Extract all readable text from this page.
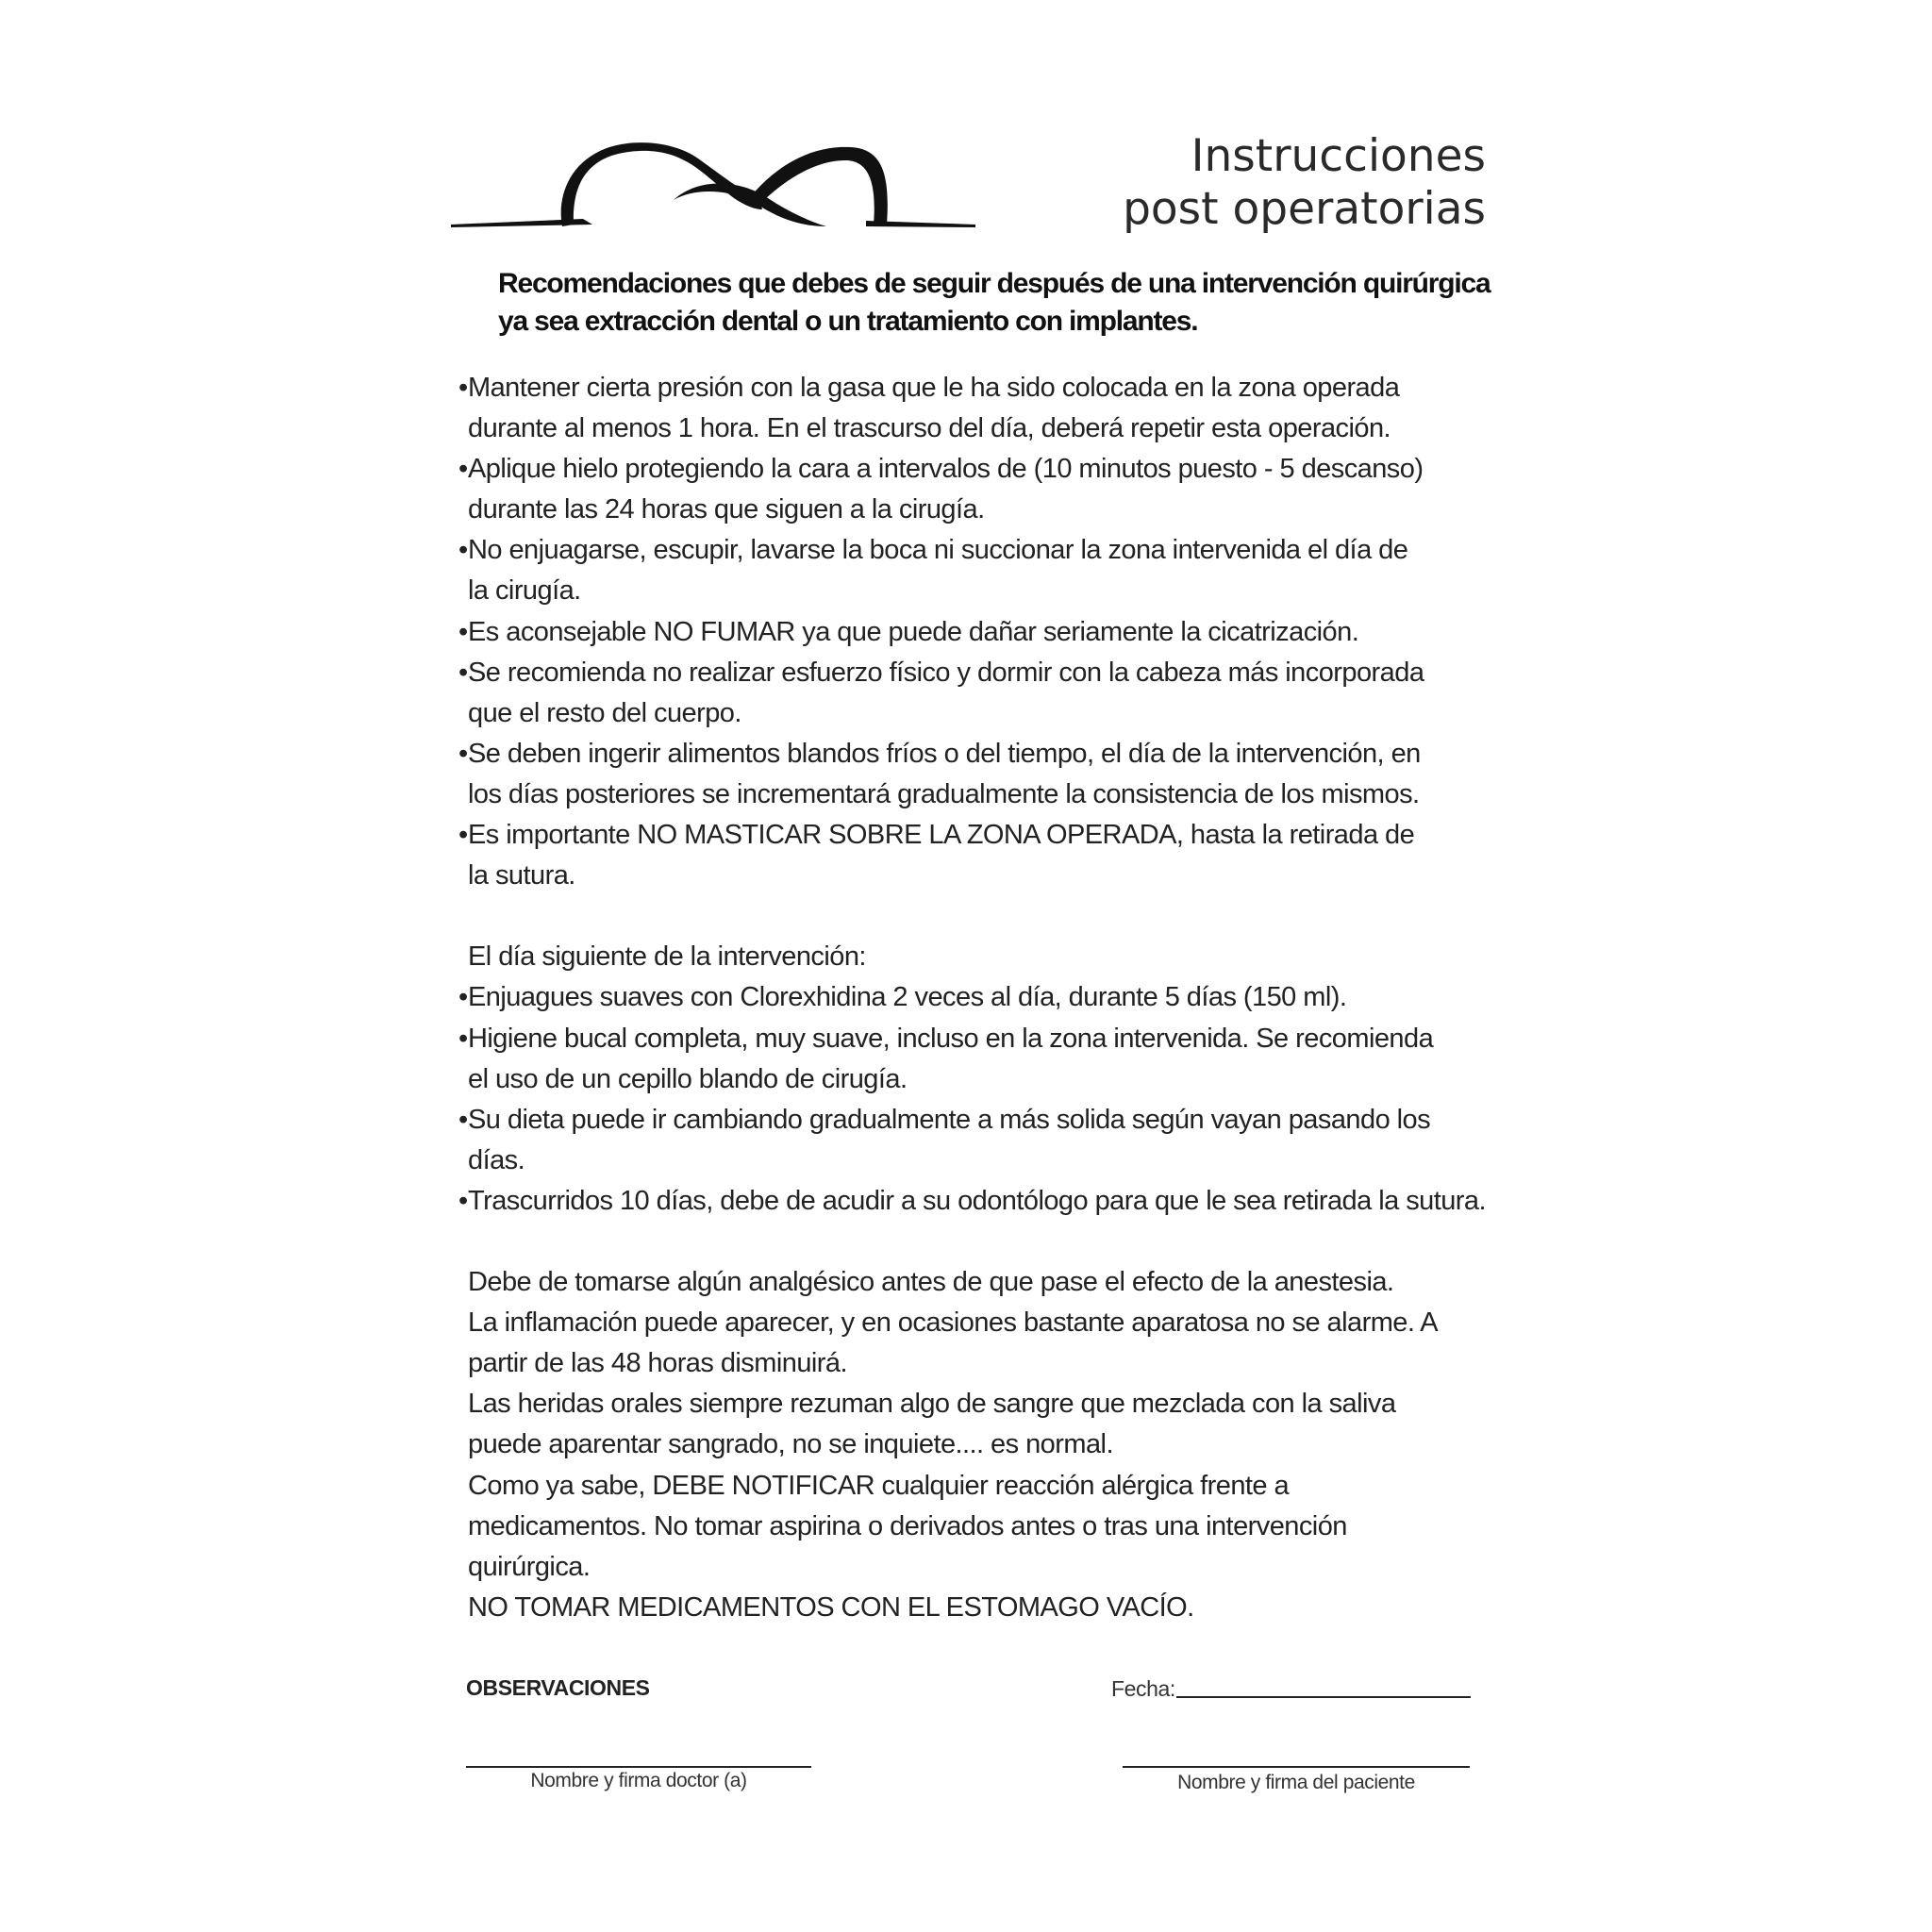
Instrucciones
post operatorias
Recomendaciones que debes de seguir después de una intervención quirúrgica
ya sea extracción dental o un tratamiento con implantes.
•Mantener cierta presión con la gasa que le ha sido colocada en la zona operada
durante al menos 1 hora. En el trascurso del día, deberá repetir esta operación.
•Aplique hielo protegiendo la cara a intervalos de (10 minutos puesto - 5 descanso)
durante las 24 horas que siguen a la cirugía.
•No enjuagarse, escupir, lavarse la boca ni succionar la zona intervenida el día de
la cirugía.
•Es aconsejable NO FUMAR ya que puede dañar seriamente la cicatrización.
•Se recomienda no realizar esfuerzo físico y dormir con la cabeza más incorporada
que el resto del cuerpo.
•Se deben ingerir alimentos blandos fríos o del tiempo, el día de la intervención, en
los días posteriores se incrementará gradualmente la consistencia de los mismos.
•Es importante NO MASTICAR SOBRE LA ZONA OPERADA, hasta la retirada de
la sutura.
El día siguiente de la intervención:
•Enjuagues suaves con Clorexhidina 2 veces al día, durante 5 días (150 ml).
•Higiene bucal completa, muy suave, incluso en la zona intervenida. Se recomienda
el uso de un cepillo blando de cirugía.
•Su dieta puede ir cambiando gradualmente a más solida según vayan pasando los
días.
•Trascurridos 10 días, debe de acudir a su odontólogo para que le sea retirada la sutura.
Debe de tomarse algún analgésico antes de que pase el efecto de la anestesia.
La inflamación puede aparecer, y en ocasiones bastante aparatosa no se alarme. A
partir de las 48 horas disminuirá.
Las heridas orales siempre rezuman algo de sangre que mezclada con la saliva
puede aparentar sangrado, no se inquiete.... es normal.
Como ya sabe, DEBE NOTIFICAR cualquier reacción alérgica frente a
medicamentos. No tomar aspirina o derivados antes o tras una intervención
quirúrgica.
NO TOMAR MEDICAMENTOS CON EL ESTOMAGO VACÍO.
OBSERVACIONES	Fecha:
Nombre y firma doctor (a)	Nombre y firma del paciente
